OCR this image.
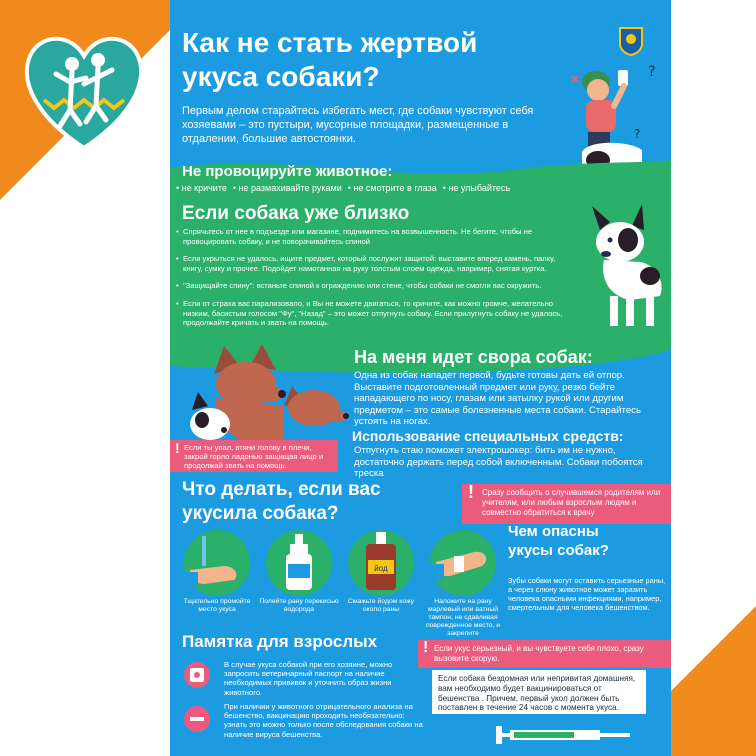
Как не стать жертвой
укуса собаки?
Первым делом старайтесь избегать мест, где собаки чувствуют себя хозяевами – это пустыри, мусорные площадки, размещенные в отдалении, большие автостоянки.
?
?
Не провоцируйте животное:
• не кричите	• не размахивайте руками	• не смотрите в глаза	• не улыбайтесь
Если собака уже близко
• Спрячьтесь от нее в подъезде или магазине, поднимитесь на возвышенность. Не бегите, чтобы не провоцировать собаку, и не поворачивайтесь спиной
• Если укрыться не удалось, ищите предмет, который послужит защитой: выставите вперед камень, палку, книгу, сумку и прочее. Подойдет намотанная на руку толстым слоем одежда, например, снятая куртка.
• "Защищайте спину": встаньте спиной к ограждению или стене, чтобы собаки не смогли вас окружить.
• Если от страха вас парализовало, и Вы не можете двигаться, то кричите, как можно громче, желательно низким, басистым голосом "Фу", "Назад" – это может отпугнуть собаку. Если прилугнуть собаку не удалось, продолжайте кричать и звать на помощь.
На меня идет свора собак:
Одна из собак нападет первой, будьте готовы дать ей отпор. Выставите подготовленный предмет или руку, резко бейте нападающего по носу, глазам или затылку рукой или другим предметом – это самые болезненные места собаки. Старайтесь устоять на ногах.
! Если ты упал, втяни голову в плечи, закрой горло ладонью защищая лицо и продолжай звать на помощь.
Использование специальных средств:
Отпугнуть стаю поможет электрошокер: бить им не нужно, достаточно держать перед собой включенным. Собаки побоятся треска
Что делать, если вас
укусила собака?
! Сразу сообщить о случившемся родителям или учителям, или любым взрослым людям и совместно обратиться к врачу
Тщательно промойте место укуса
Полейте рану перекисью водорода
йод
Смажьте йодом кожу около раны
Наложите на рану марлевый или ватный тампон, не сдавливая поврежденное место, и закрепите
Чем опасны
укусы собак?
Зубы собаки могут оставить серьезные раны, а через слюну животное может заразить человека опасными инфекциями, например, смертельным для человека бешенством.
Памятка для взрослых
В случае укуса собакой при его хозяине, можно запросить ветеринарный паспорт на наличие необходимых прививок и уточнить образ жизни животного.
При наличии у животного отрицательного анализа на бешенство, вакцинацию проходить необязательно: узнать это можно только после обследования собаки на наличие вируса бешенства.
! Если укус серьезный, и вы чувствуете себя плохо, сразу вызовите скорую.
Если собака бездомная или непривитая домашняя, вам необходимо будет вакцинироваться от бешенства . Причем, первый укол должен быть поставлен в течение 24 часов с момента укуса.
